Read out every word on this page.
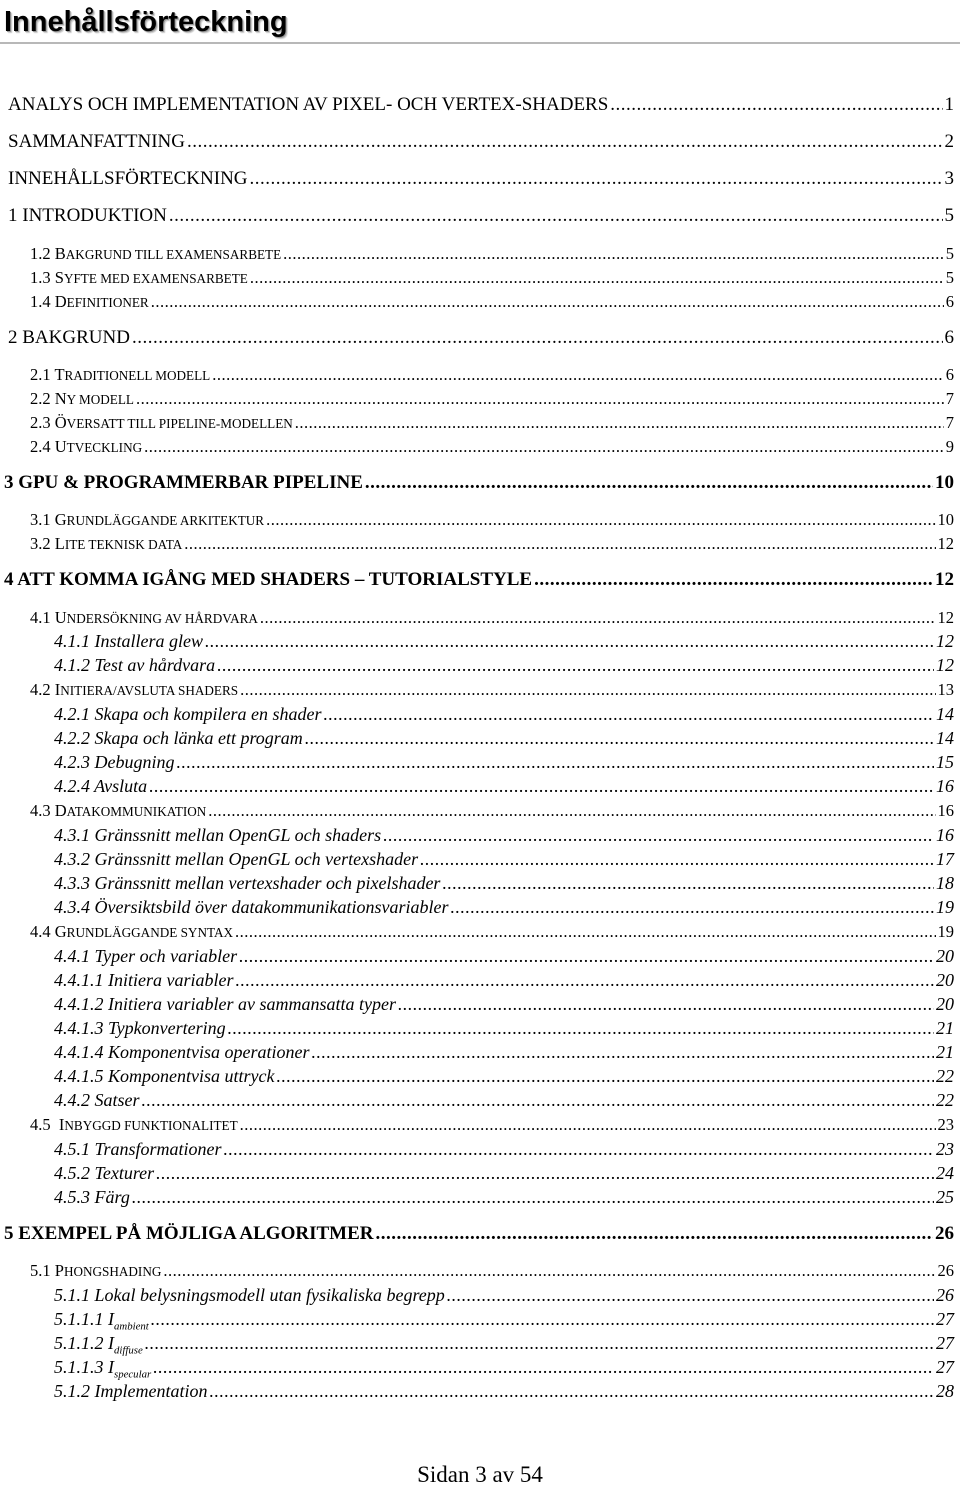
Innehållsförteckning
ANALYS OCH IMPLEMENTATION AV PIXEL- OCH VERTEX-SHADERS .....	1
SAMMANFATTNING .....	2
INNEHÅLLSFÖRTECKNING .....	3
1 INTRODUKTION .....	5
1.2 BAKGRUND TILL EXAMENSARBETE .....	5
1.3 SYFTE MED EXAMENSARBETE .....	5
1.4 DEFINITIONER .....	6
2 BAKGRUND .....	6
2.1 TRADITIONELL MODELL .....	6
2.2 NY MODELL .....	7
2.3 ÖVERSATT TILL PIPELINE-MODELLEN .....	7
2.4 UTVECKLING .....	9
3 GPU & PROGRAMMERBAR PIPELINE .....	10
3.1 GRUNDLÄGGANDE ARKITEKTUR .....	10
3.2 LITE TEKNISK DATA .....	12
4 ATT KOMMA IGÅNG MED SHADERS – TUTORIALSTYLE .....	12
4.1 UNDERSÖKNING AV HÅRDVARA .....	12
4.1.1 Installera glew .....	12
4.1.2 Test av hårdvara .....	12
4.2 INITIERA/AVSLUTA SHADERS .....	13
4.2.1 Skapa och kompilera en shader .....	14
4.2.2 Skapa och länka ett program .....	14
4.2.3 Debugning .....	15
4.2.4 Avsluta .....	16
4.3 DATAKOMMUNIKATION .....	16
4.3.1 Gränssnitt mellan OpenGL och shaders .....	16
4.3.2 Gränssnitt mellan OpenGL och vertexshader .....	17
4.3.3 Gränssnitt mellan vertexshader och pixelshader .....	18
4.3.4 Översiktsbild över datakommunikationsvariabler .....	19
4.4 GRUNDLÄGGANDE SYNTAX .....	19
4.4.1 Typer och variabler .....	20
4.4.1.1 Initiera variabler .....	20
4.4.1.2 Initiera variabler av sammansatta typer .....	20
4.4.1.3 Typkonvertering .....	21
4.4.1.4 Komponentvisa operationer .....	21
4.4.1.5 Komponentvisa uttryck .....	22
4.4.2 Satser .....	22
4.5 INBYGGD FUNKTIONALITET .....	23
4.5.1 Transformationer .....	23
4.5.2 Texturer .....	24
4.5.3 Färg .....	25
5 EXEMPEL PÅ MÖJLIGA ALGORITMER .....	26
5.1 PHONGSHADING .....	26
5.1.1 Lokal belysningsmodell utan fysikaliska begrepp .....	26
5.1.1.1 $I_{ambient}$ .....	27
5.1.1.2 $I_{diffuse}$ .....	27
5.1.1.3 $I_{specular}$ .....	27
5.1.2 Implementation .....	28
Sidan 3 av 54
